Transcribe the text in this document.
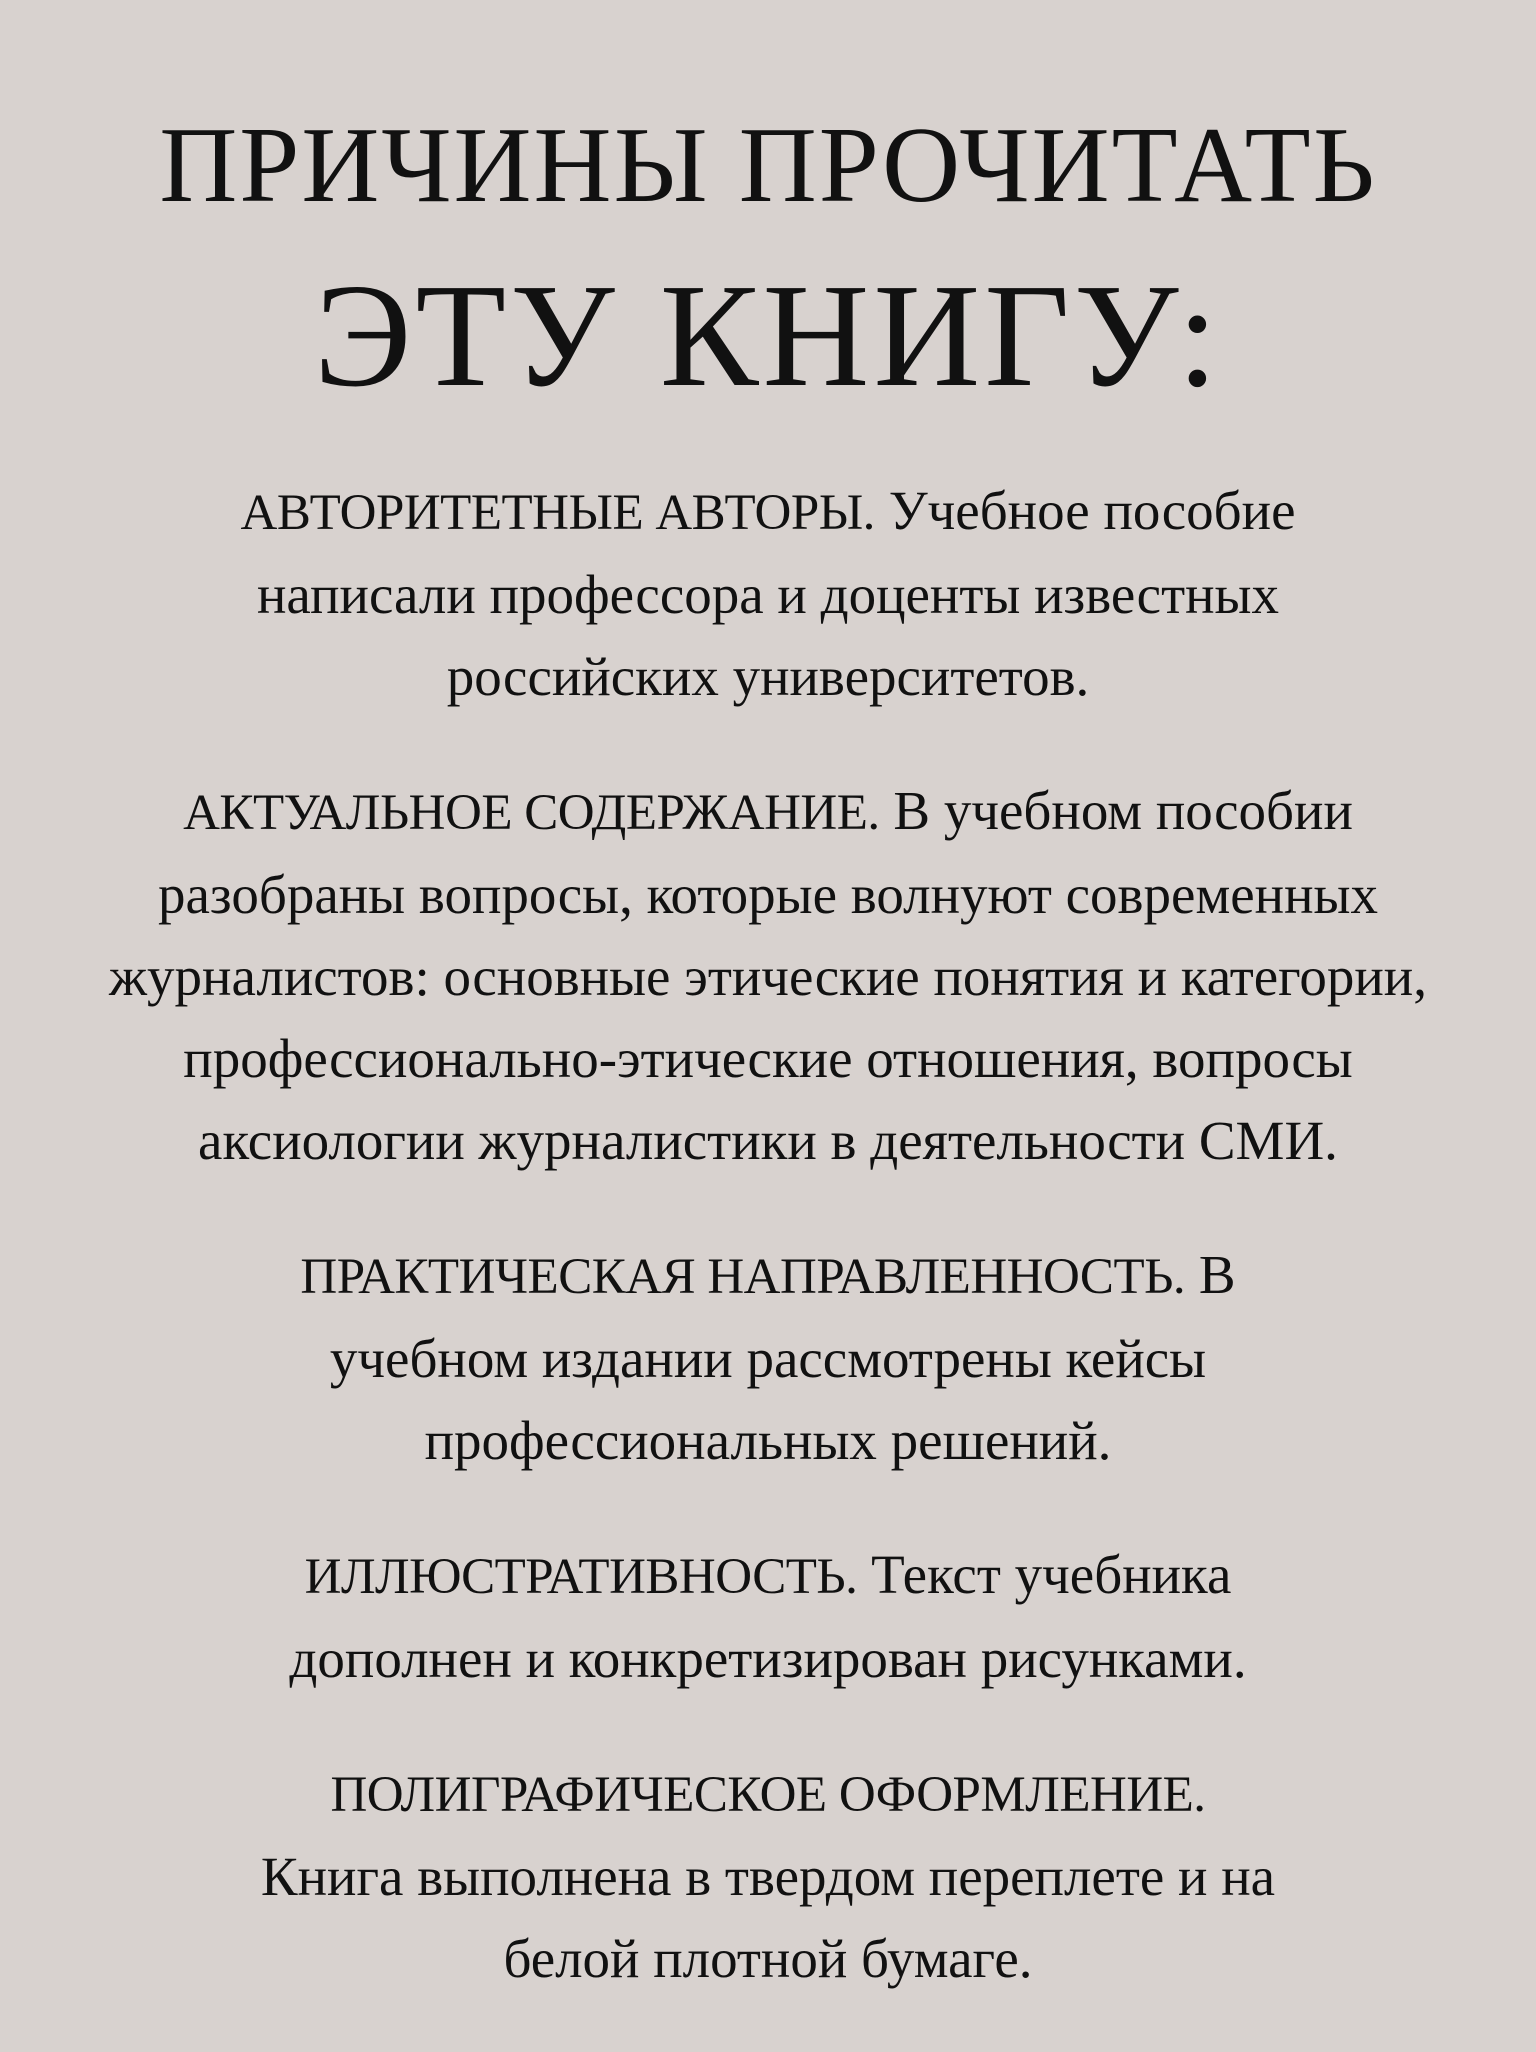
ПРИЧИНЫ ПРОЧИТАТЬ
ЭТУ КНИГУ:

АВТОРИТЕТНЫЕ АВТОРЫ. Учебное пособие написали профессора и доценты известных российских университетов.

АКТУАЛЬНОЕ СОДЕРЖАНИЕ. В учебном пособии разобраны вопросы, которые волнуют современных журналистов: основные этические понятия и категории, профессионально-этические отношения, вопросы аксиологии журналистики в деятельности СМИ.

ПРАКТИЧЕСКАЯ НАПРАВЛЕННОСТЬ. В учебном издании рассмотрены кейсы профессиональных решений.

ИЛЛЮСТРАТИВНОСТЬ. Текст учебника дополнен и конкретизирован рисунками.

ПОЛИГРАФИЧЕСКОЕ ОФОРМЛЕНИЕ. Книга выполнена в твердом переплете и на белой плотной бумаге.
